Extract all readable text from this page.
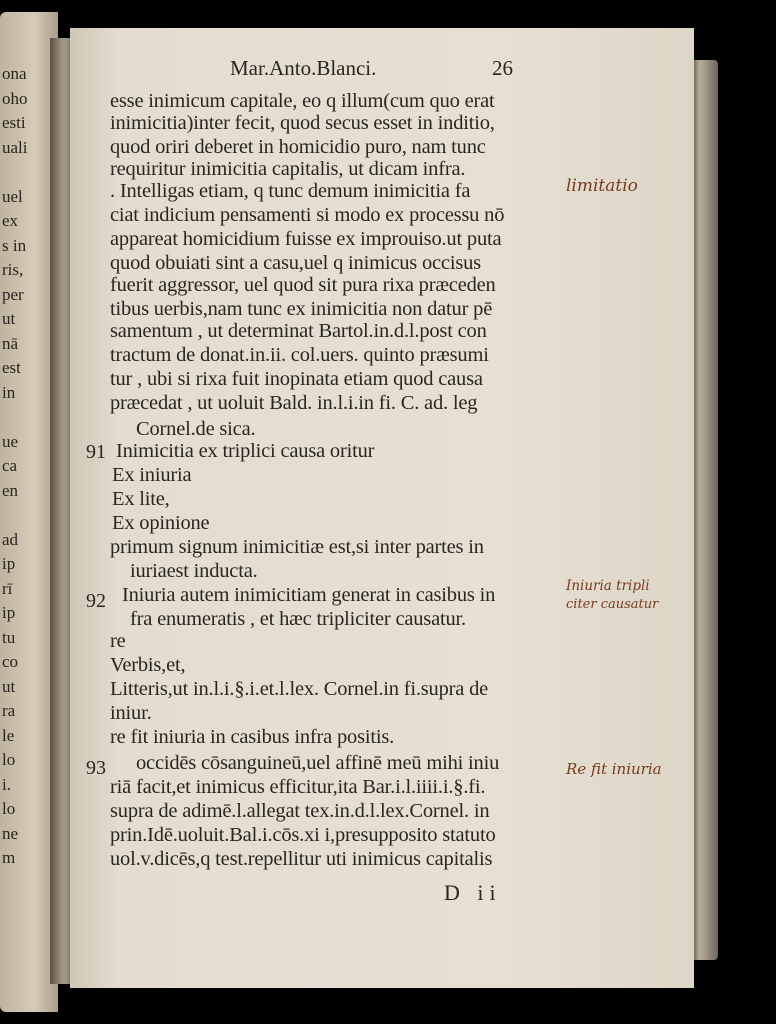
ona
oho
esti
uali
uel
ex
s in
ris,
per
ut
nā
est
in
ue
ca
en
ad
ip
rī
ip
tu
co
ut
ra
le
lo
i.
lo
ne
m
Mar.Anto.Blanci.	26
esse inimicum capitale, eo q illum(cum quo erat
inimicitia)inter fecit, quod secus esset in inditio,
quod oriri deberet in homicidio puro, nam tunc
requiritur inimicitia capitalis, ut dicam infra.
. Intelligas etiam, q tunc demum inimicitia fa
ciat indicium pensamenti si modo ex processu nō
appareat homicidium fuisse ex improuiso.ut puta
quod obuiati sint a casu,uel q inimicus occisus
fuerit aggressor, uel quod sit pura rixa præceden
tibus uerbis,nam tunc ex inimicitia non datur pē
samentum , ut determinat Bartol.in.d.l.post con
tractum de donat.in.ii. col.uers. quinto præsumi
tur , ubi si rixa fuit inopinata etiam quod causa
præcedat , ut uoluit Bald. in.l.i.in fi. C. ad. leg
Cornel.de sica.
Inimicitia ex triplici causa oritur
Ex iniuria
Ex lite,
Ex opinione
primum signum inimicitiæ est,si inter partes in
iuriaest inducta.
Iniuria autem inimicitiam generat in casibus in
fra enumeratis , et hæc tripliciter causatur.
re
Verbis,et,
Litteris,ut in.l.i.§.i.et.l.lex. Cornel.in fi.supra de
iniur.
re fit iniuria in casibus infra positis.
occidēs cōsanguineū,uel affinē meū mihi iniu
riā facit,et inimicus efficitur,ita Bar.i.l.iiii.i.§.fi.
supra de adimē.l.allegat tex.in.d.l.lex.Cornel. in
prin.Idē.uoluit.Bal.i.cōs.xi i,presupposito statuto
uol.v.dicēs,q test.repellitur uti inimicus capitalis
91
92
93
limitatio
Iniuria tripli
citer causatur
Re fit iniuria
D ii
